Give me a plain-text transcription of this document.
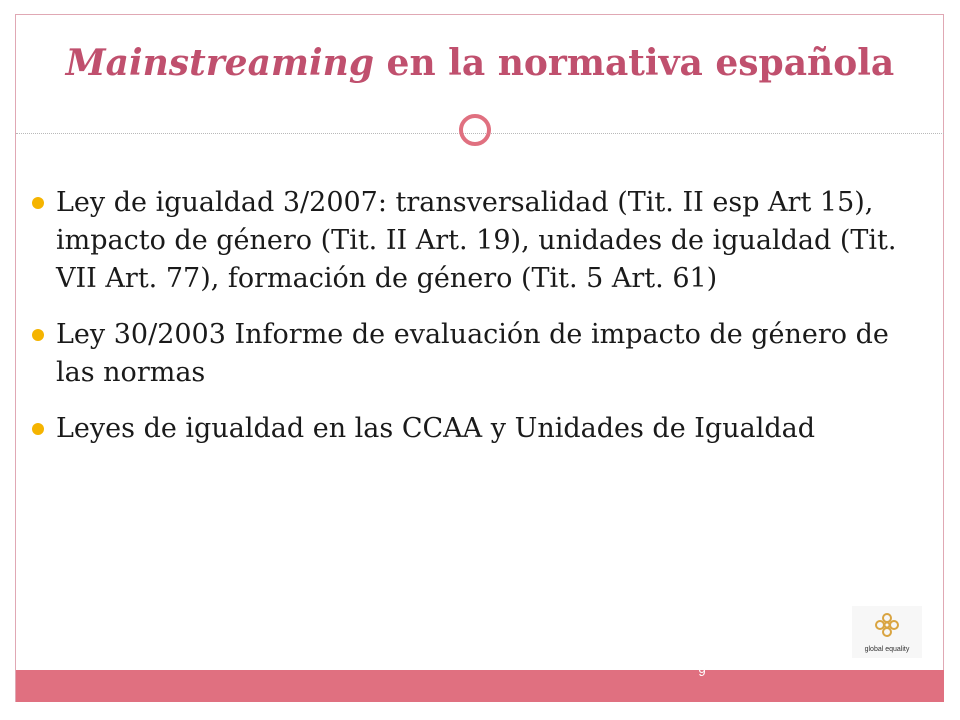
Mainstreaming en la normativa española
Ley de igualdad 3/2007: transversalidad (Tit. II esp Art 15), impacto de género (Tit. II Art. 19), unidades de igualdad (Tit. VII Art. 77), formación de género (Tit. 5 Art. 61)
Ley 30/2003 Informe de evaluación de impacto de género de las normas
Leyes de igualdad en las CCAA y Unidades de Igualdad
global equality
9
